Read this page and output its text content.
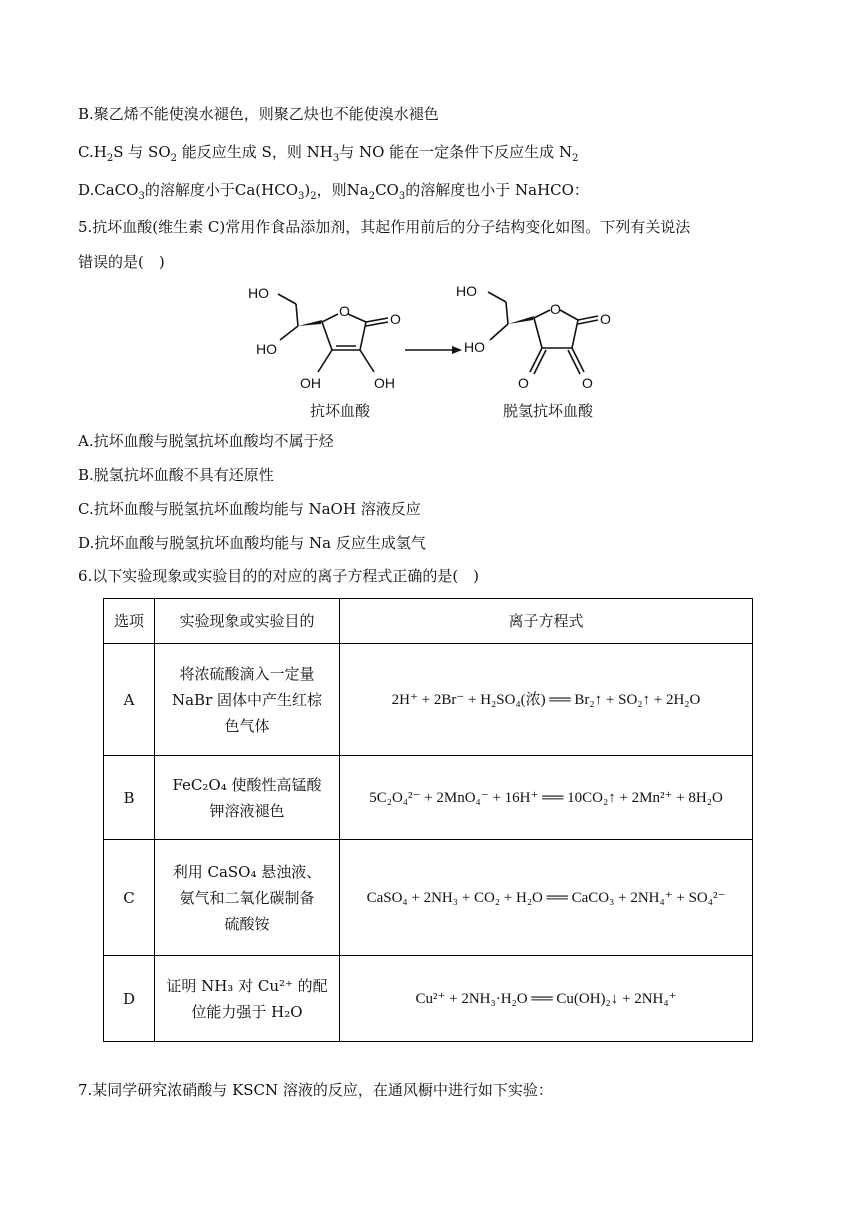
B.聚乙烯不能使溴水褪色，则聚乙炔也不能使溴水褪色
$C.H_2S$ 与 $SO_2$ 能反应生成 S，则 $NH_3$与 NO 能在一定条件下反应生成 $N_2$
D.CaCO$_3$的溶解度小于$Ca(HCO_3)_2$，则$Na_2CO_3$的溶解度也小于 NaHCO：
5.抗坏血酸(维生素 C)常用作食品添加剂，其起作用前后的分子结构变化如图。下列有关说法
错误的是(　)
HO
HO
O	O
OH	OH
HO
HO
O
O
O	O
抗坏血酸	脱氢抗坏血酸
A.抗坏血酸与脱氢抗坏血酸均不属于烃
B.脱氢抗坏血酸不具有还原性
C.抗坏血酸与脱氢抗坏血酸均能与 NaOH 溶液反应
D.抗坏血酸与脱氢抗坏血酸均能与 Na 反应生成氢气
6.以下实验现象或实验目的的对应的离子方程式正确的是(　)
选项	实验现象或实验目的	离子方程式
A	将浓硫酸滴入一定量
NaBr 固体中产生红棕
色气体	2H⁺ + 2Br⁻ + H₂SO₄(浓) ══ Br₂↑ + SO₂↑ + 2H₂O
B	FeC₂O₄ 使酸性高锰酸
钾溶液褪色	5C₂O₄²⁻ + 2MnO₄⁻ + 16H⁺ ══ 10CO₂↑ + 2Mn²⁺ + 8H₂O
C	利用 CaSO₄ 悬浊液、
氨气和二氧化碳制备
硫酸铵	CaSO₄ + 2NH₃ + CO₂ + H₂O ══ CaCO₃ + 2NH₄⁺ + SO₄²⁻
D	证明 NH₃ 对 Cu²⁺ 的配
位能力强于 H₂O	Cu²⁺ + 2NH₃·H₂O ══ Cu(OH)₂↓ + 2NH₄⁺
7.某同学研究浓硝酸与 KSCN 溶液的反应，在通风橱中进行如下实验：
